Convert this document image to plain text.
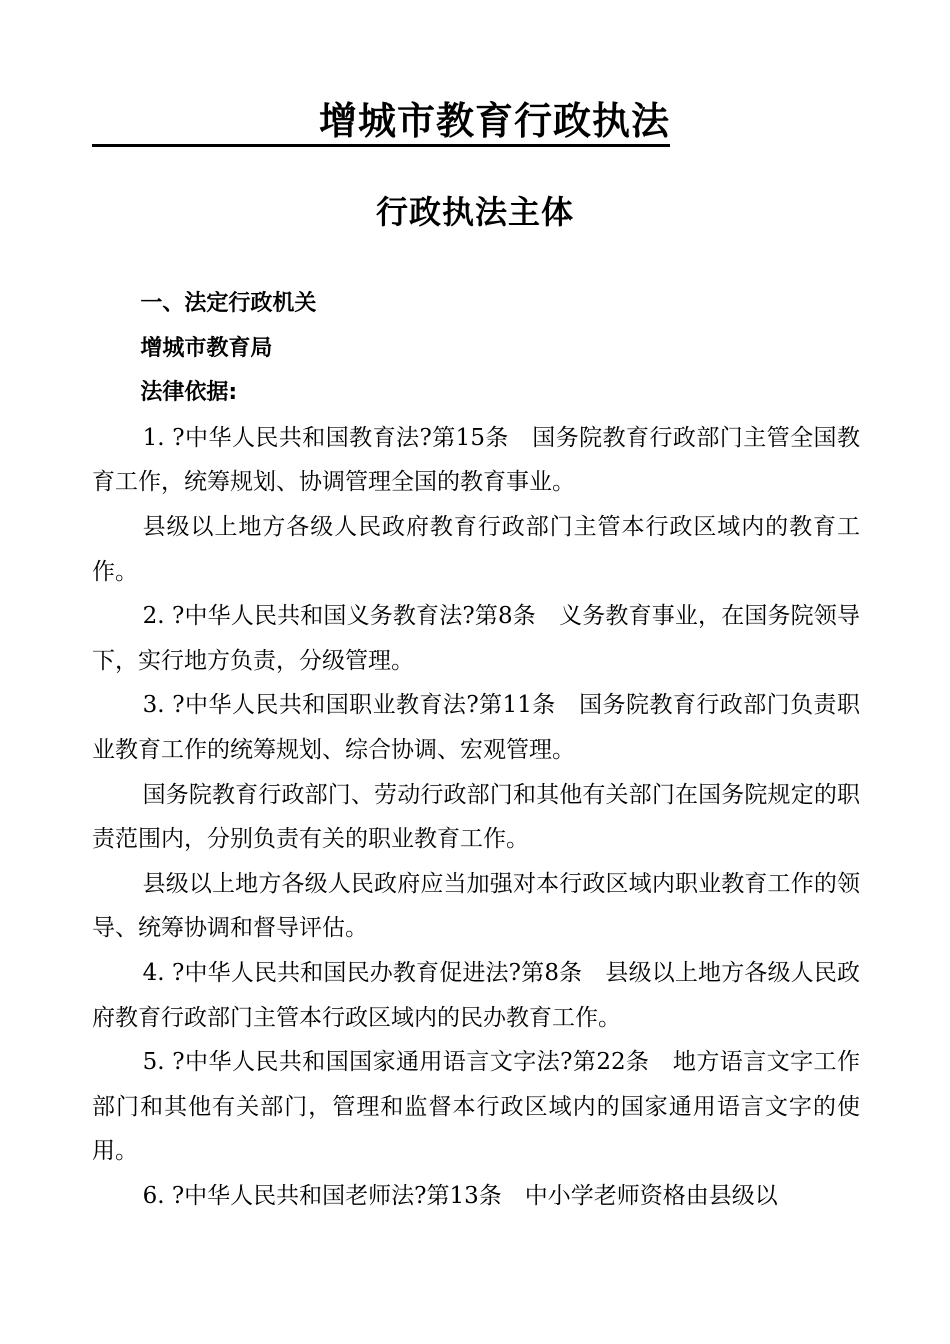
增城市教育行政执法
行政执法主体

一、法定行政机关

增城市教育局

法律依据:

1. ?中华人民共和国教育法?第15条　国务院教育行政部门主管全国教育工作，统筹规划、协调管理全国的教育事业。

县级以上地方各级人民政府教育行政部门主管本行政区域内的教育工作。

2. ?中华人民共和国义务教育法?第8条　义务教育事业，在国务院领导下，实行地方负责，分级管理。

3. ?中华人民共和国职业教育法?第11条　国务院教育行政部门负责职业教育工作的统筹规划、综合协调、宏观管理。

国务院教育行政部门、劳动行政部门和其他有关部门在国务院规定的职责范围内，分别负责有关的职业教育工作。

县级以上地方各级人民政府应当加强对本行政区域内职业教育工作的领导、统筹协调和督导评估。

4. ?中华人民共和国民办教育促进法?第8条　县级以上地方各级人民政府教育行政部门主管本行政区域内的民办教育工作。

5. ?中华人民共和国国家通用语言文字法?第22条　地方语言文字工作部门和其他有关部门，管理和监督本行政区域内的国家通用语言文字的使用。

6. ?中华人民共和国老师法?第13条　中小学老师资格由县级以
